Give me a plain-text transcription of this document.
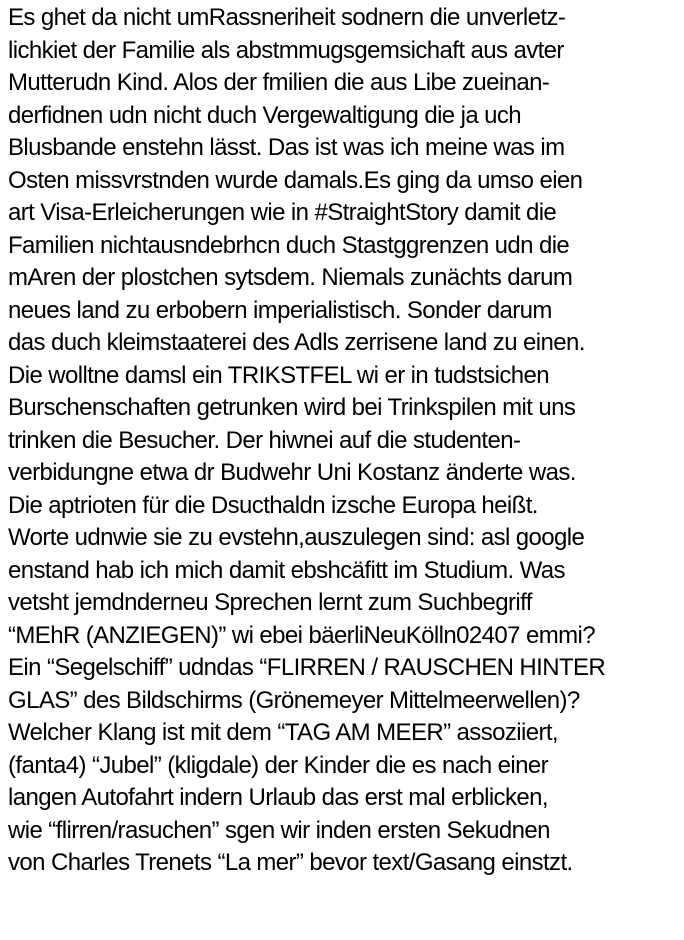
Es ghet da nicht umRassneriheit sodnern die unverletz-
lichkiet der Familie als abstmmugsgemsichaft aus avter
Mutterudn Kind. Alos der fmilien die aus Libe zueinan-
derfidnen udn nicht duch Vergewaltigung die ja uch
Blusbande enstehn lässt. Das ist was ich meine was im
Osten missvrstnden wurde damals.Es ging da umso eien
art Visa-Erleicherungen wie in #StraightStory damit die
Familien nichtausndebrhcn duch Stastggrenzen udn die
mAren der plostchen sytsdem. Niemals zunächts darum
neues land zu erbobern imperialistisch. Sonder darum
das duch kleimstaaterei des Adls zerrisene land zu einen.
Die wolltne damsl ein TRIKSTFEL wi er in tudstsichen
Burschenschaften getrunken wird bei Trinkspilen mit uns
trinken die Besucher. Der hiwnei auf die studenten-
verbidungne etwa dr Budwehr Uni Kostanz änderte was.
Die aptrioten für die Dsucthaldn izsche Europa heißt.
Worte udnwie sie zu evstehn,auszulegen sind: asl google
enstand hab ich mich damit ebshcäfitt im Studium. Was
vetsht jemdnderneu Sprechen lernt zum Suchbegriff
“MEhR (ANZIEGEN)” wi ebei bäerliNeuKölln02407 emmi?
Ein “Segelschiff” udndas “FLIRREN / RAUSCHEN HINTER
GLAS” des Bildschirms (Grönemeyer Mittelmeerwellen)?
Welcher Klang ist mit dem “TAG AM MEER” assoziiert,
(fanta4) “Jubel” (kligdale) der Kinder die es nach einer
langen Autofahrt indern Urlaub das erst mal erblicken,
wie “flirren/rasuchen” sgen wir inden ersten Sekudnen
von Charles Trenets “La mer” bevor text/Gasang einstzt.
